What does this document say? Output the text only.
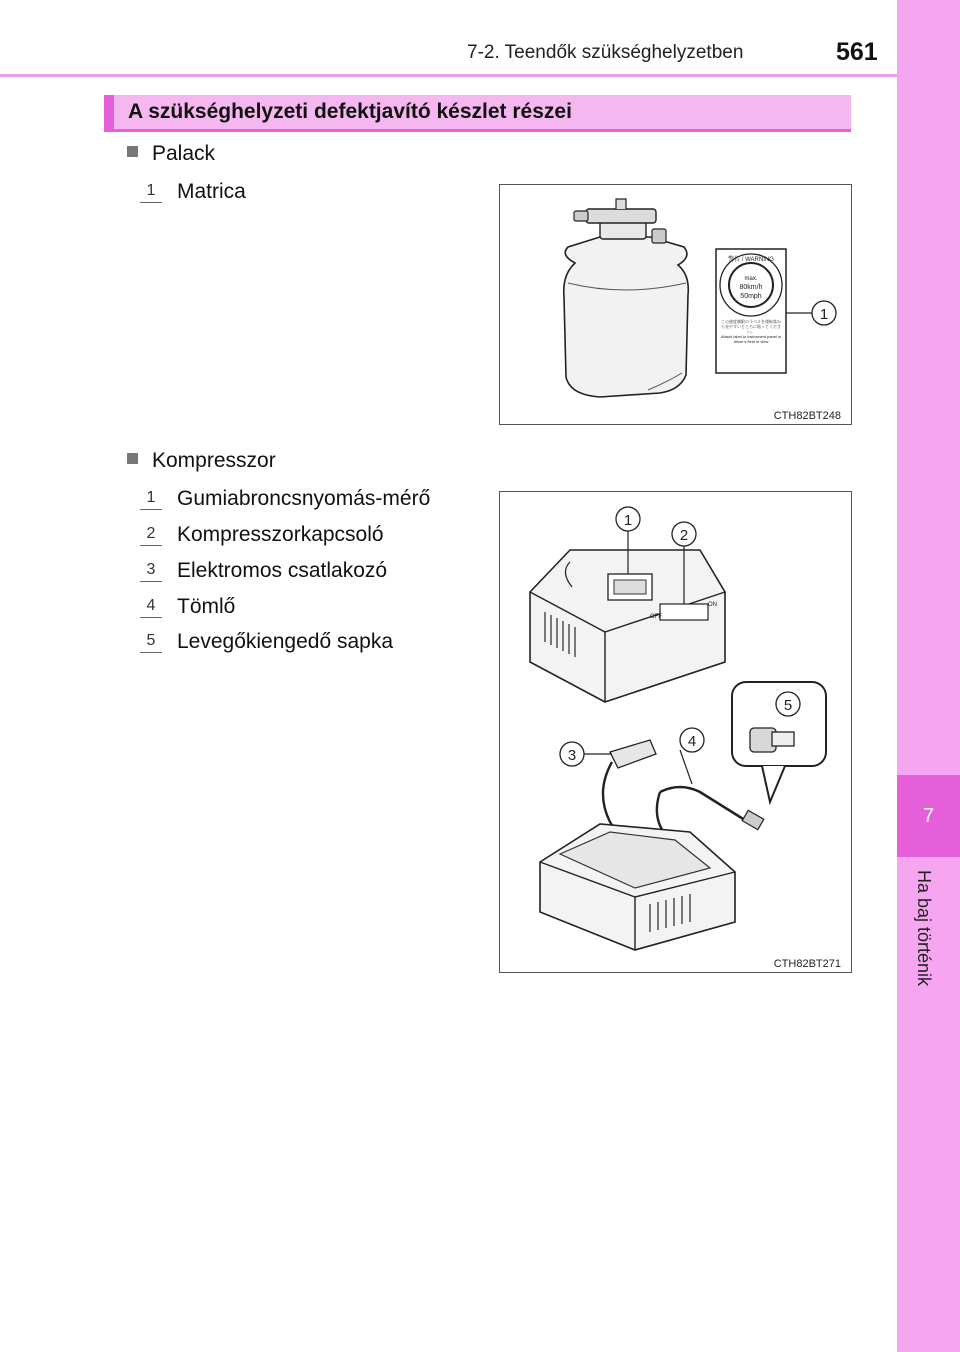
7
Ha baj történik
7-2. Teendők szükséghelyzetben	561
A szükséghelyzeti defektjavító készlet részei
Palack
1	Matrica
警告 / WARNING
max.
80km/h
50mph
この速度制限のラベルを運転席から見やすいところに貼ってください。
Attach label to instrument panel in driver's field of view
1
CTH82BT248
Kompresszor
1	Gumiabroncsnyomás-mérő
2	Kompresszorkapcsoló
3	Elektromos csatlakozó
4	Tömlő
5	Levegőkiengedő sapka
OFF
ON
1
2
5
3
4
CTH82BT271
